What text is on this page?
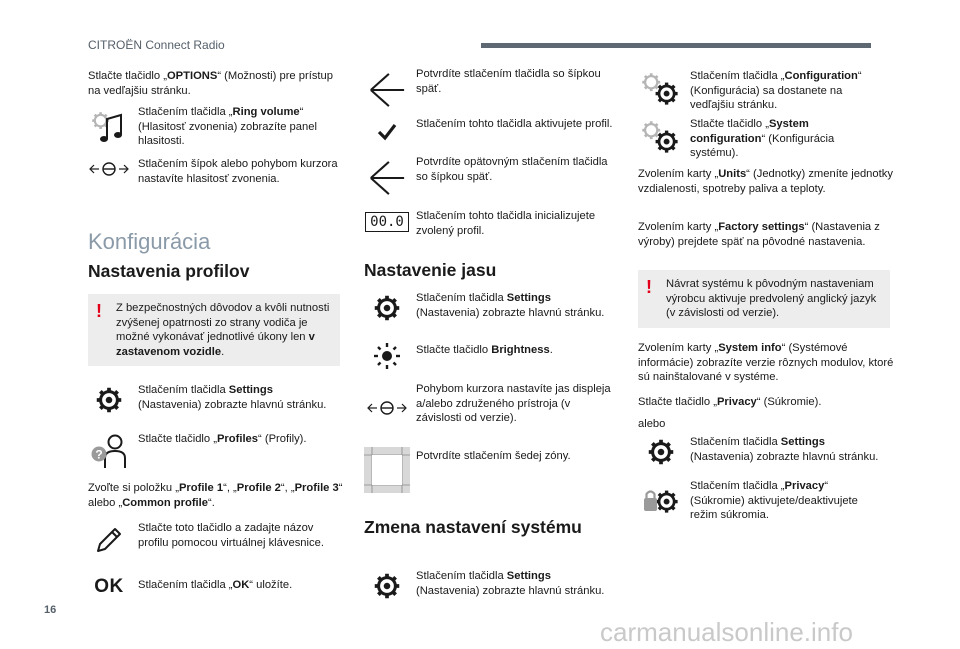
CITROËN Connect Radio
Stlačte tlačidlo „OPTIONS“ (Možnosti) pre prístup na vedľajšiu stránku.
Stlačením tlačidla „Ring volume“ (Hlasitosť zvonenia) zobrazíte panel hlasitosti.
Stlačením šípok alebo pohybom kurzora nastavíte hlasitosť zvonenia.
Konfigurácia
Nastavenia profilov
! Z bezpečnostných dôvodov a kvôli nutnosti zvýšenej opatrnosti zo strany vodiča je možné vykonávať jednotlivé úkony len v zastavenom vozidle.
Stlačením tlačidla Settings (Nastavenia) zobrazte hlavnú stránku.
?
Stlačte tlačidlo „Profiles“ (Profily).
Zvoľte si položku „Profile 1“, „Profile 2“, „Profile 3“ alebo „Common profile“.
Stlačte toto tlačidlo a zadajte názov profilu pomocou virtuálnej klávesnice.
OK Stlačením tlačidla „OK“ uložíte.
Potvrdíte stlačením tlačidla so šípkou späť.
Stlačením tohto tlačidla aktivujete profil.
Potvrdíte opätovným stlačením tlačidla so šípkou späť.
00.0	Stlačením tohto tlačidla inicializujete zvolený profil.
Nastavenie jasu
Stlačením tlačidla Settings (Nastavenia) zobrazte hlavnú stránku.
Stlačte tlačidlo Brightness.
Pohybom kurzora nastavíte jas displeja a/alebo združeného prístroja (v závislosti od verzie).
Potvrdíte stlačením šedej zóny.
Zmena nastavení systému
Stlačením tlačidla Settings (Nastavenia) zobrazte hlavnú stránku.
Stlačením tlačidla „Configuration“ (Konfigurácia) sa dostanete na vedľajšiu stránku.
Stlačte tlačidlo „System configuration“ (Konfigurácia systému).
Zvolením karty „Units“ (Jednotky) zmeníte jednotky vzdialenosti, spotreby paliva a teploty.
Zvolením karty „Factory settings“ (Nastavenia z výroby) prejdete späť na pôvodné nastavenia.
! Návrat systému k pôvodným nastaveniam výrobcu aktivuje predvolený anglický jazyk (v závislosti od verzie).
Zvolením karty „System info“ (Systémové informácie) zobrazíte verzie rôznych modulov, ktoré sú nainštalované v systéme.
Stlačte tlačidlo „Privacy“ (Súkromie).
alebo
Stlačením tlačidla Settings (Nastavenia) zobrazte hlavnú stránku.
Stlačením tlačidla „Privacy“ (Súkromie) aktivujete/deaktivujete režim súkromia.
16
carmanualsonline.info
